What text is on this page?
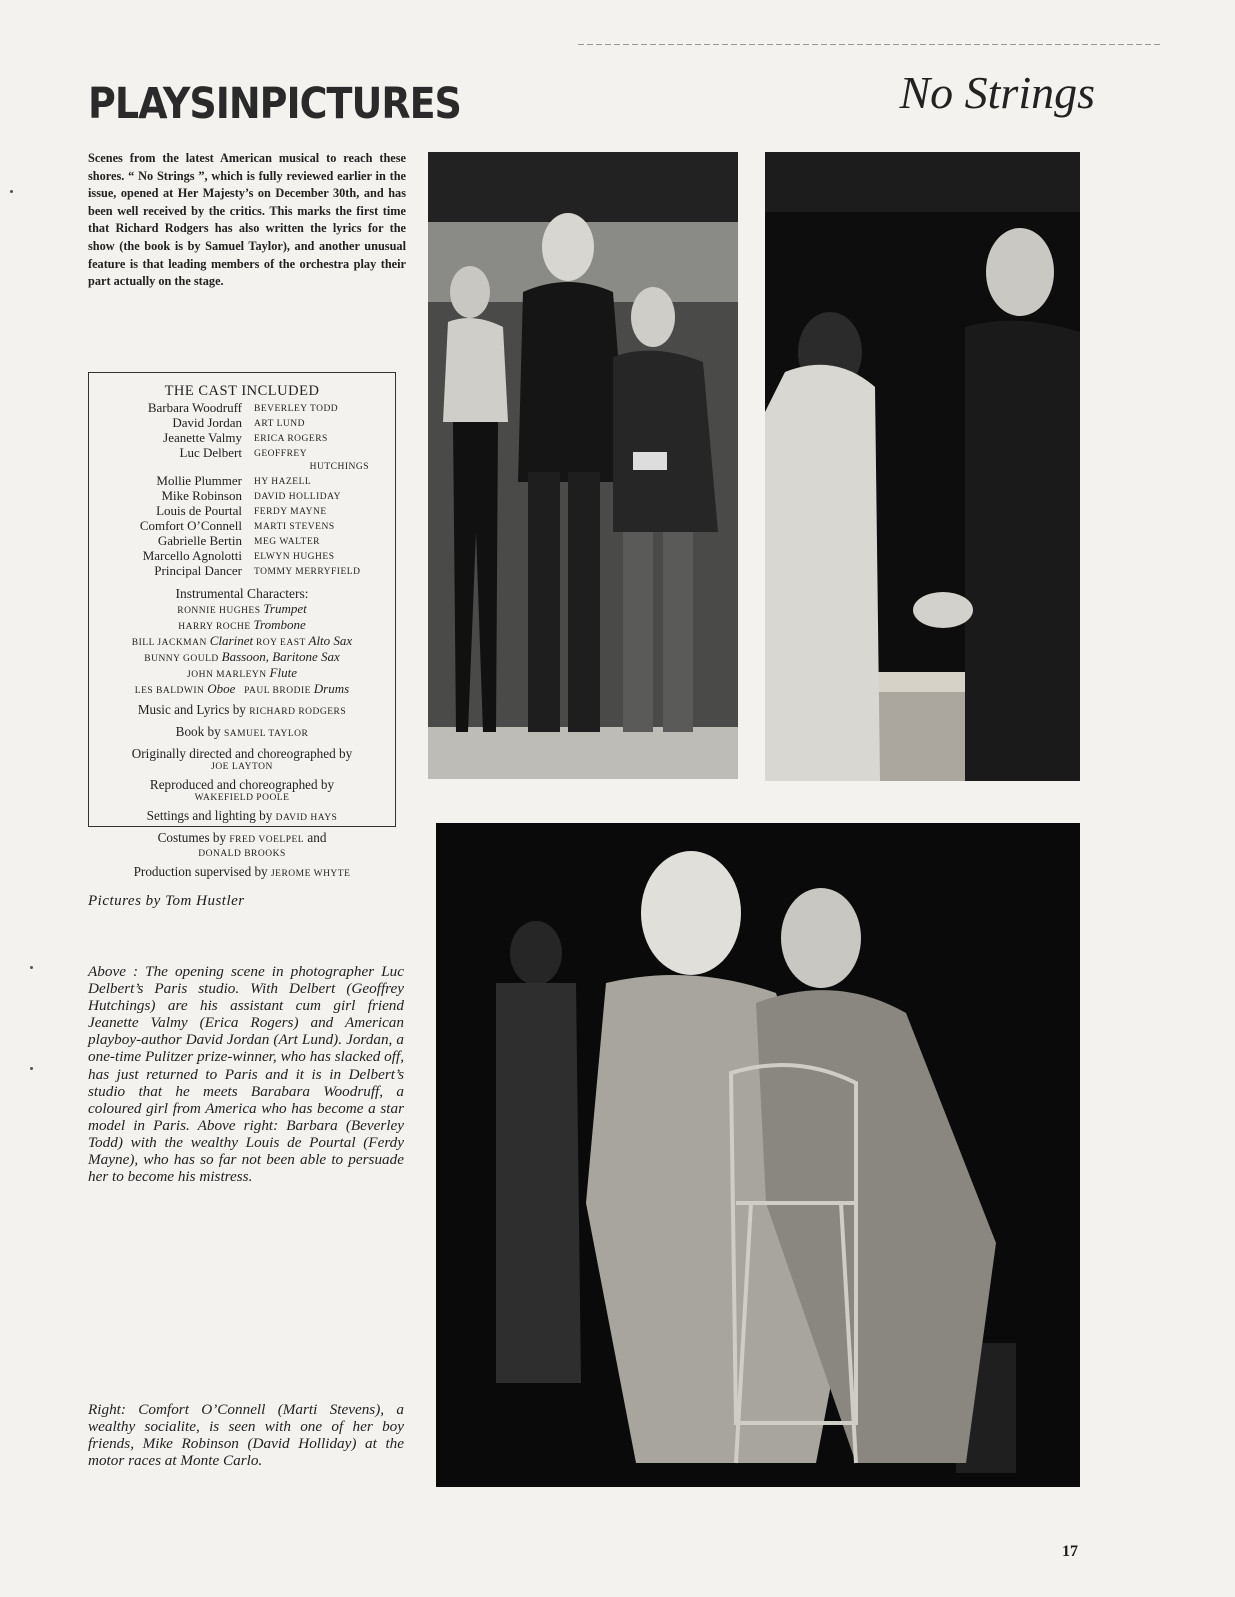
PLAYSINPICTURES	No Strings
Scenes from the latest American musical to reach these shores. “ No Strings ”, which is fully reviewed earlier in the issue, opened at Her Majesty’s on December 30th, and has been well received by the critics. This marks the first time that Richard Rodgers has also written the lyrics for the show (the book is by Samuel Taylor), and another unusual feature is that leading members of the orchestra play their part actually on the stage.
THE CAST INCLUDED
Barbara Woodruff	BEVERLEY TODD
David Jordan	ART LUND
Jeanette Valmy	ERICA ROGERS
Luc Delbert	GEOFFREY
HUTCHINGS
Mollie Plummer	HY HAZELL
Mike Robinson	DAVID HOLLIDAY
Louis de Pourtal	FERDY MAYNE
Comfort O’Connell	MARTI STEVENS
Gabrielle Bertin	MEG WALTER
Marcello Agnolotti	ELWYN HUGHES
Principal Dancer	TOMMY MERRYFIELD
Instrumental Characters:
RONNIE HUGHES Trumpet
HARRY ROCHE Trombone
BILL JACKMAN Clarinet ROY EAST Alto Sax
BUNNY GOULD Bassoon, Baritone Sax
JOHN MARLEYN Flute
LES BALDWIN Oboe PAUL BRODIE Drums
Music and Lyrics by RICHARD RODGERS
Book by SAMUEL TAYLOR
Originally directed and choreographed by
JOE LAYTON
Reproduced and choreographed by
WAKEFIELD POOLE
Settings and lighting by DAVID HAYS
Costumes by FRED VOELPEL and
DONALD BROOKS
Production supervised by JEROME WHYTE
Pictures by Tom Hustler
Above : The opening scene in photographer Luc Delbert’s Paris studio. With Delbert (Geoffrey Hutchings) are his assistant cum girl friend Jeanette Valmy (Erica Rogers) and American playboy-author David Jordan (Art Lund). Jordan, a one-time Pulitzer prize-winner, who has slacked off, has just returned to Paris and it is in Delbert’s studio that he meets Barabara Woodruff, a coloured girl from America who has become a star model in Paris. Above right: Barbara (Beverley Todd) with the wealthy Louis de Pourtal (Ferdy Mayne), who has so far not been able to persuade her to become his mistress.
Right: Comfort O’Connell (Marti Stevens), a wealthy socialite, is seen with one of her boy friends, Mike Robinson (David Holliday) at the motor races at Monte Carlo.
17
